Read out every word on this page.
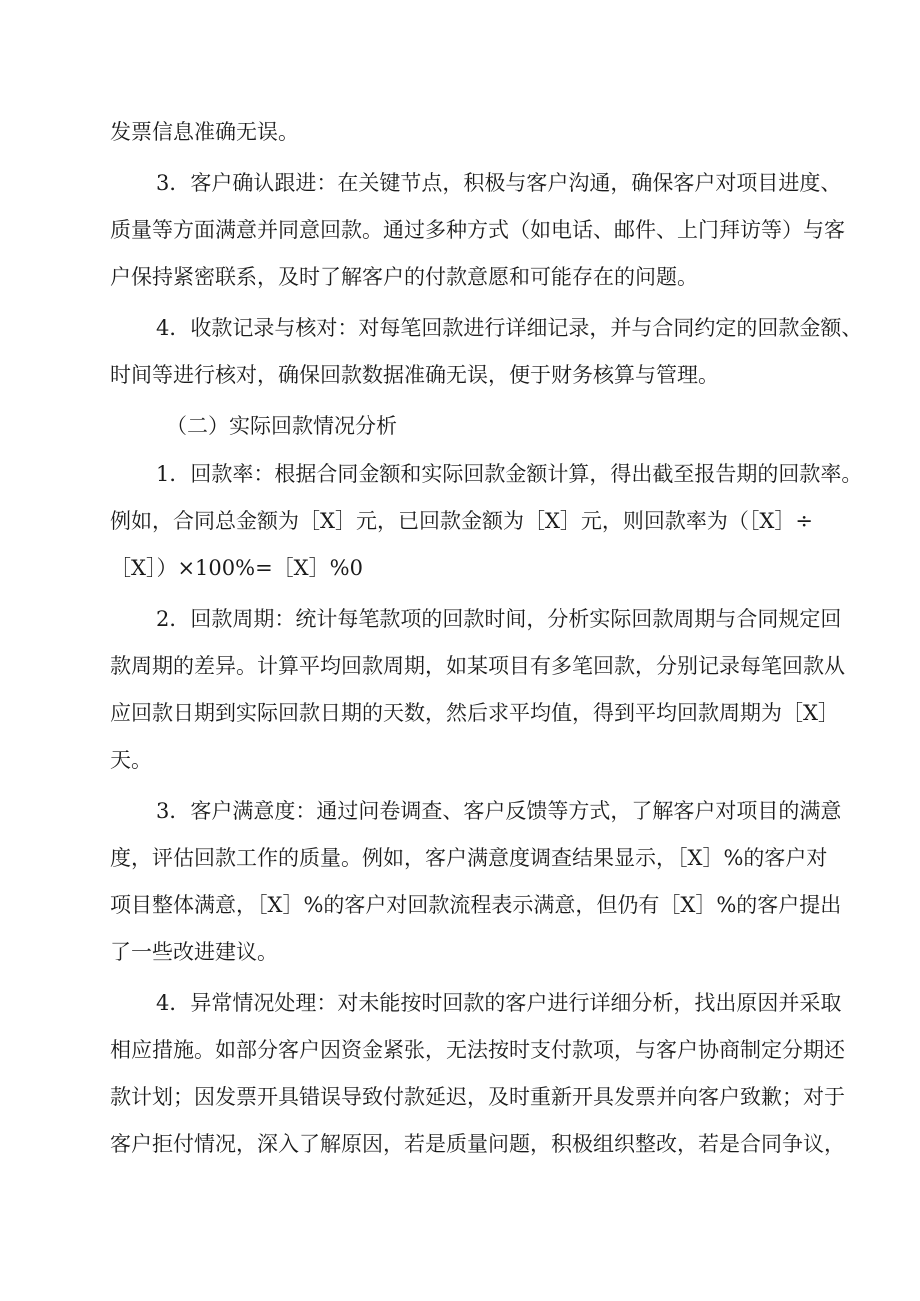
发票信息准确无误。
3．客户确认跟进：在关键节点，积极与客户沟通，确保客户对项目进度、
质量等方面满意并同意回款。通过多种方式（如电话、邮件、上门拜访等）与客
户保持紧密联系，及时了解客户的付款意愿和可能存在的问题。
4．收款记录与核对：对每笔回款进行详细记录，并与合同约定的回款金额、
时间等进行核对，确保回款数据准确无误，便于财务核算与管理。
（二）实际回款情况分析
1．回款率：根据合同金额和实际回款金额计算，得出截至报告期的回款率。
例如，合同总金额为［X］元，已回款金额为［X］元，则回款率为（［X］÷
［X］）×100%=［X］%0
2．回款周期：统计每笔款项的回款时间，分析实际回款周期与合同规定回
款周期的差异。计算平均回款周期，如某项目有多笔回款，分别记录每笔回款从
应回款日期到实际回款日期的天数，然后求平均值，得到平均回款周期为［X］
天。
3．客户满意度：通过问卷调查、客户反馈等方式，了解客户对项目的满意
度，评估回款工作的质量。例如，客户满意度调查结果显示，［X］%的客户对
项目整体满意，［X］%的客户对回款流程表示满意，但仍有［X］%的客户提出
了一些改进建议。
4．异常情况处理：对未能按时回款的客户进行详细分析，找出原因并采取
相应措施。如部分客户因资金紧张，无法按时支付款项，与客户协商制定分期还
款计划；因发票开具错误导致付款延迟，及时重新开具发票并向客户致歉；对于
客户拒付情况，深入了解原因，若是质量问题，积极组织整改，若是合同争议，
